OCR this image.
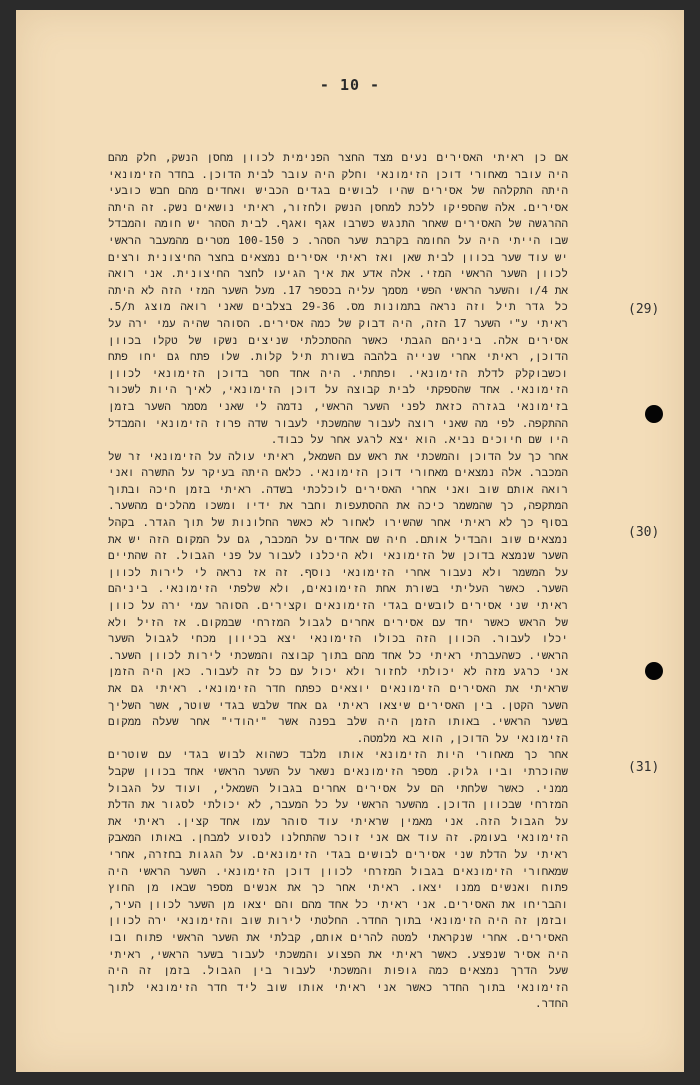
- 10 -

אם כן ראיתי האסירים נעים מצד החצר הפנימית לכוון מחסן הנשק, חלק מהם היה עובר מאחורי דוכן הזימונאי וחלק היה עובר לבית הדוכן. בחדר הזימונאי היתה התקלהה של אסירים שהיו לבושים בגדים הכביש ואחדים מהם חבש כובעי אסירים. אלה שהספיקו ללכת למחסן הנשק ולחזור, ראיתי נושאים נשק. זה היתה ההרגשה של האסירים שאחר התנגש כשרבו אגף ואגף. לבית הסהר יש חומה והמבדל שבו הייתי היה על החומה בקרבת שער הסהר. כ 100-150 מטרים מהמעבר הראשי יש עוד שער בכוון לבית שאן ואז ראיתי אסירים נמצאים בחצר החיצונית ורצים לכוון השער הראשי המזי. אלה אדע את איך הגיעו לחצר החיצונית. אני רואה את 4/ו והשער הראשי הפשי מסמך עליה בכספר 17. מעל השער המזי הזה לא היתה כל גדר תיל וזה נראה בתמונות מס. 29-36 בצלבים שאני רואה מוצג ת/5. ראיתי ע"י השער 17 הזה, היה דבוק של כמה אסירים. הסוהר שהיה עמי ירה על אסירים אלה. ביניהם הגבתי כאשר ההסתכלתי שניצים נשקו של טקלו בכוון הדוכן, ראיתי אחרי שנייה בלהבה בשורת תיל קלות. שלו פתח גם יחו פתח וכשבוקלק לדלת הזימונאי. ופתחתי. היה אחד חסר בדוכן הזימונאי לכוון הזימונאי. אחד שהספקתי לבית קבוצה על דוכן הזימונאי, לאיך היות לשכור בזימונאי בגזרה כזאת לפני השער הראשי, נדמה לי שאני מסמר השער בזמן ההתקפה. לפי מה שאני רוצה לעבור שהמשכתי לעבור שדה פרוז הזימונאי והמבדל היו שם חיוכים נביא. הוא יצא לרגע אחר על כבוד.

אחר כך על הדוכן והמשכתי את ראש עם השמאל, ראיתי עולה על הזימונאי זר של המכבר. אלה נמצאים מאחורי דוכן הזימונאי. כלאם היתה בעיקר על התשרה ואני רואה אותם שוב ואני אחרי האסירים לוכלכתי בשדה. ראיתי בזמן חיכה ובתוך המתקפה, כך שהמשמר כיכה את ההסתעפות וחבר את ידיו ומשכו מהלכים מהשער. בסוף כך לא ראיתי אחר שהשירו לאחור לא כאשר החלונות של תוך הגדר. בקהל נמצאים שוב והבדיל אותם. חיה שם אחדים על המכבר, גם על המקום הזה יש את השער שנמצא בדוכן של הזימונאי ולא היכלנו לעבור על פני הגבול. זה שהתיים על המשמר ולא נעבור אחרי הזימונאי נוסף. זה אז נראה לי לירות לכוון השער. כאשר העליתי בשורת אחת הזימונאים, ולא שלפתי הזימונאי. ביניהם ראיתי שני אסירים לובשים בגדי הזימונאים וקצירים. הסוהר עמי ירה על כוון של הראש כאשר יחד עם אסירים אחרים לגבול המזרחי שבמקום. אז הזיל ולא יכלו לעבור. הכוון הזה בכולו הזימונאי יצא בכיוון מכחי לגבול השער הראשי. כשהעברתי ראיתי כל אחד מהם בתוך קבוצה והמשכתי לירות לכוון השער. אני כרגע מזה לא יכולתי לחזור ולא יכול עם כל זה לעבור. כאן היה הזמן שראיתי את האסירים הזימונאים יוצאים כפתח חדר הזימונאי. ראיתי גם את השער הקטן. בין האסירים שיצאו ראיתי גם אחד שלבש בגדי שוטר, אשר השליך בשער הראשי. באותו הזמן היה שלב בפנה אשר "יהודי" אחר שעלה ממקום הזימונאי על הדוכן, הוא בא מלמטה.

אחר כך מאחורי היות הזימונאי אותו מלבד כשהוא לבוש בגדי עם שוטרים שהוכרתי וביו גלוק. מספר הזימונאים נשאר על השער הראשי אחד בכוון שקבל ממני. כאשר שלחתי הם על אסירים אחרים בגבול השמאלי, ועוד על הגבול המזרחי שבכוון הדוכן. מהשער הראשי על כל המעבר, לא יכולתי לסגור את הדלת על הגבול הזה. אני מאמין שראיתי עוד סוהר עמו אחד קצין. ראיתי את הזימונאי בעומק. זה עוד אם אני זוכר שהתחלנו לנסוע למבחן. באותו המאבק ראיתי על הדלת שני אסירים לבושים בגדי הזימונאים. על הגגות בחזרה, אחרי שמאחורי הזימונאים בגבול המזרחי לכוון דוכן הזימונאי. השער הראשי היה פתוח ואנשים ממנו יצאו. ראיתי אחר כך את אנשים מספר שבאו מן החוץ והבריחו את האסירים. אני ראיתי כל אחד מהם והם יצאו מן השער לכוון העיר, ובזמן זה היה הזימונאי בתוך החדר. החלטתי לירות שוב והזימונאי ירה לכוון האסירים. אחרי שנקראתי למטה להרים אותם, קבלתי את השער הראשי פתוח ובו היה אסיר שנפצע. כאשר ראיתי את הפצוע והמשכתי לעבור בשער הראשי, ראיתי שעל הדרך נמצאים כמה גופות והמשכתי לעבור בין הגבול. בזמן זה היה הזימונאי בתוך החדר כאשר אני ראיתי אותו שוב ליד חדר הזימונאי לתוך החדר.

(29)
(30)
(31)
